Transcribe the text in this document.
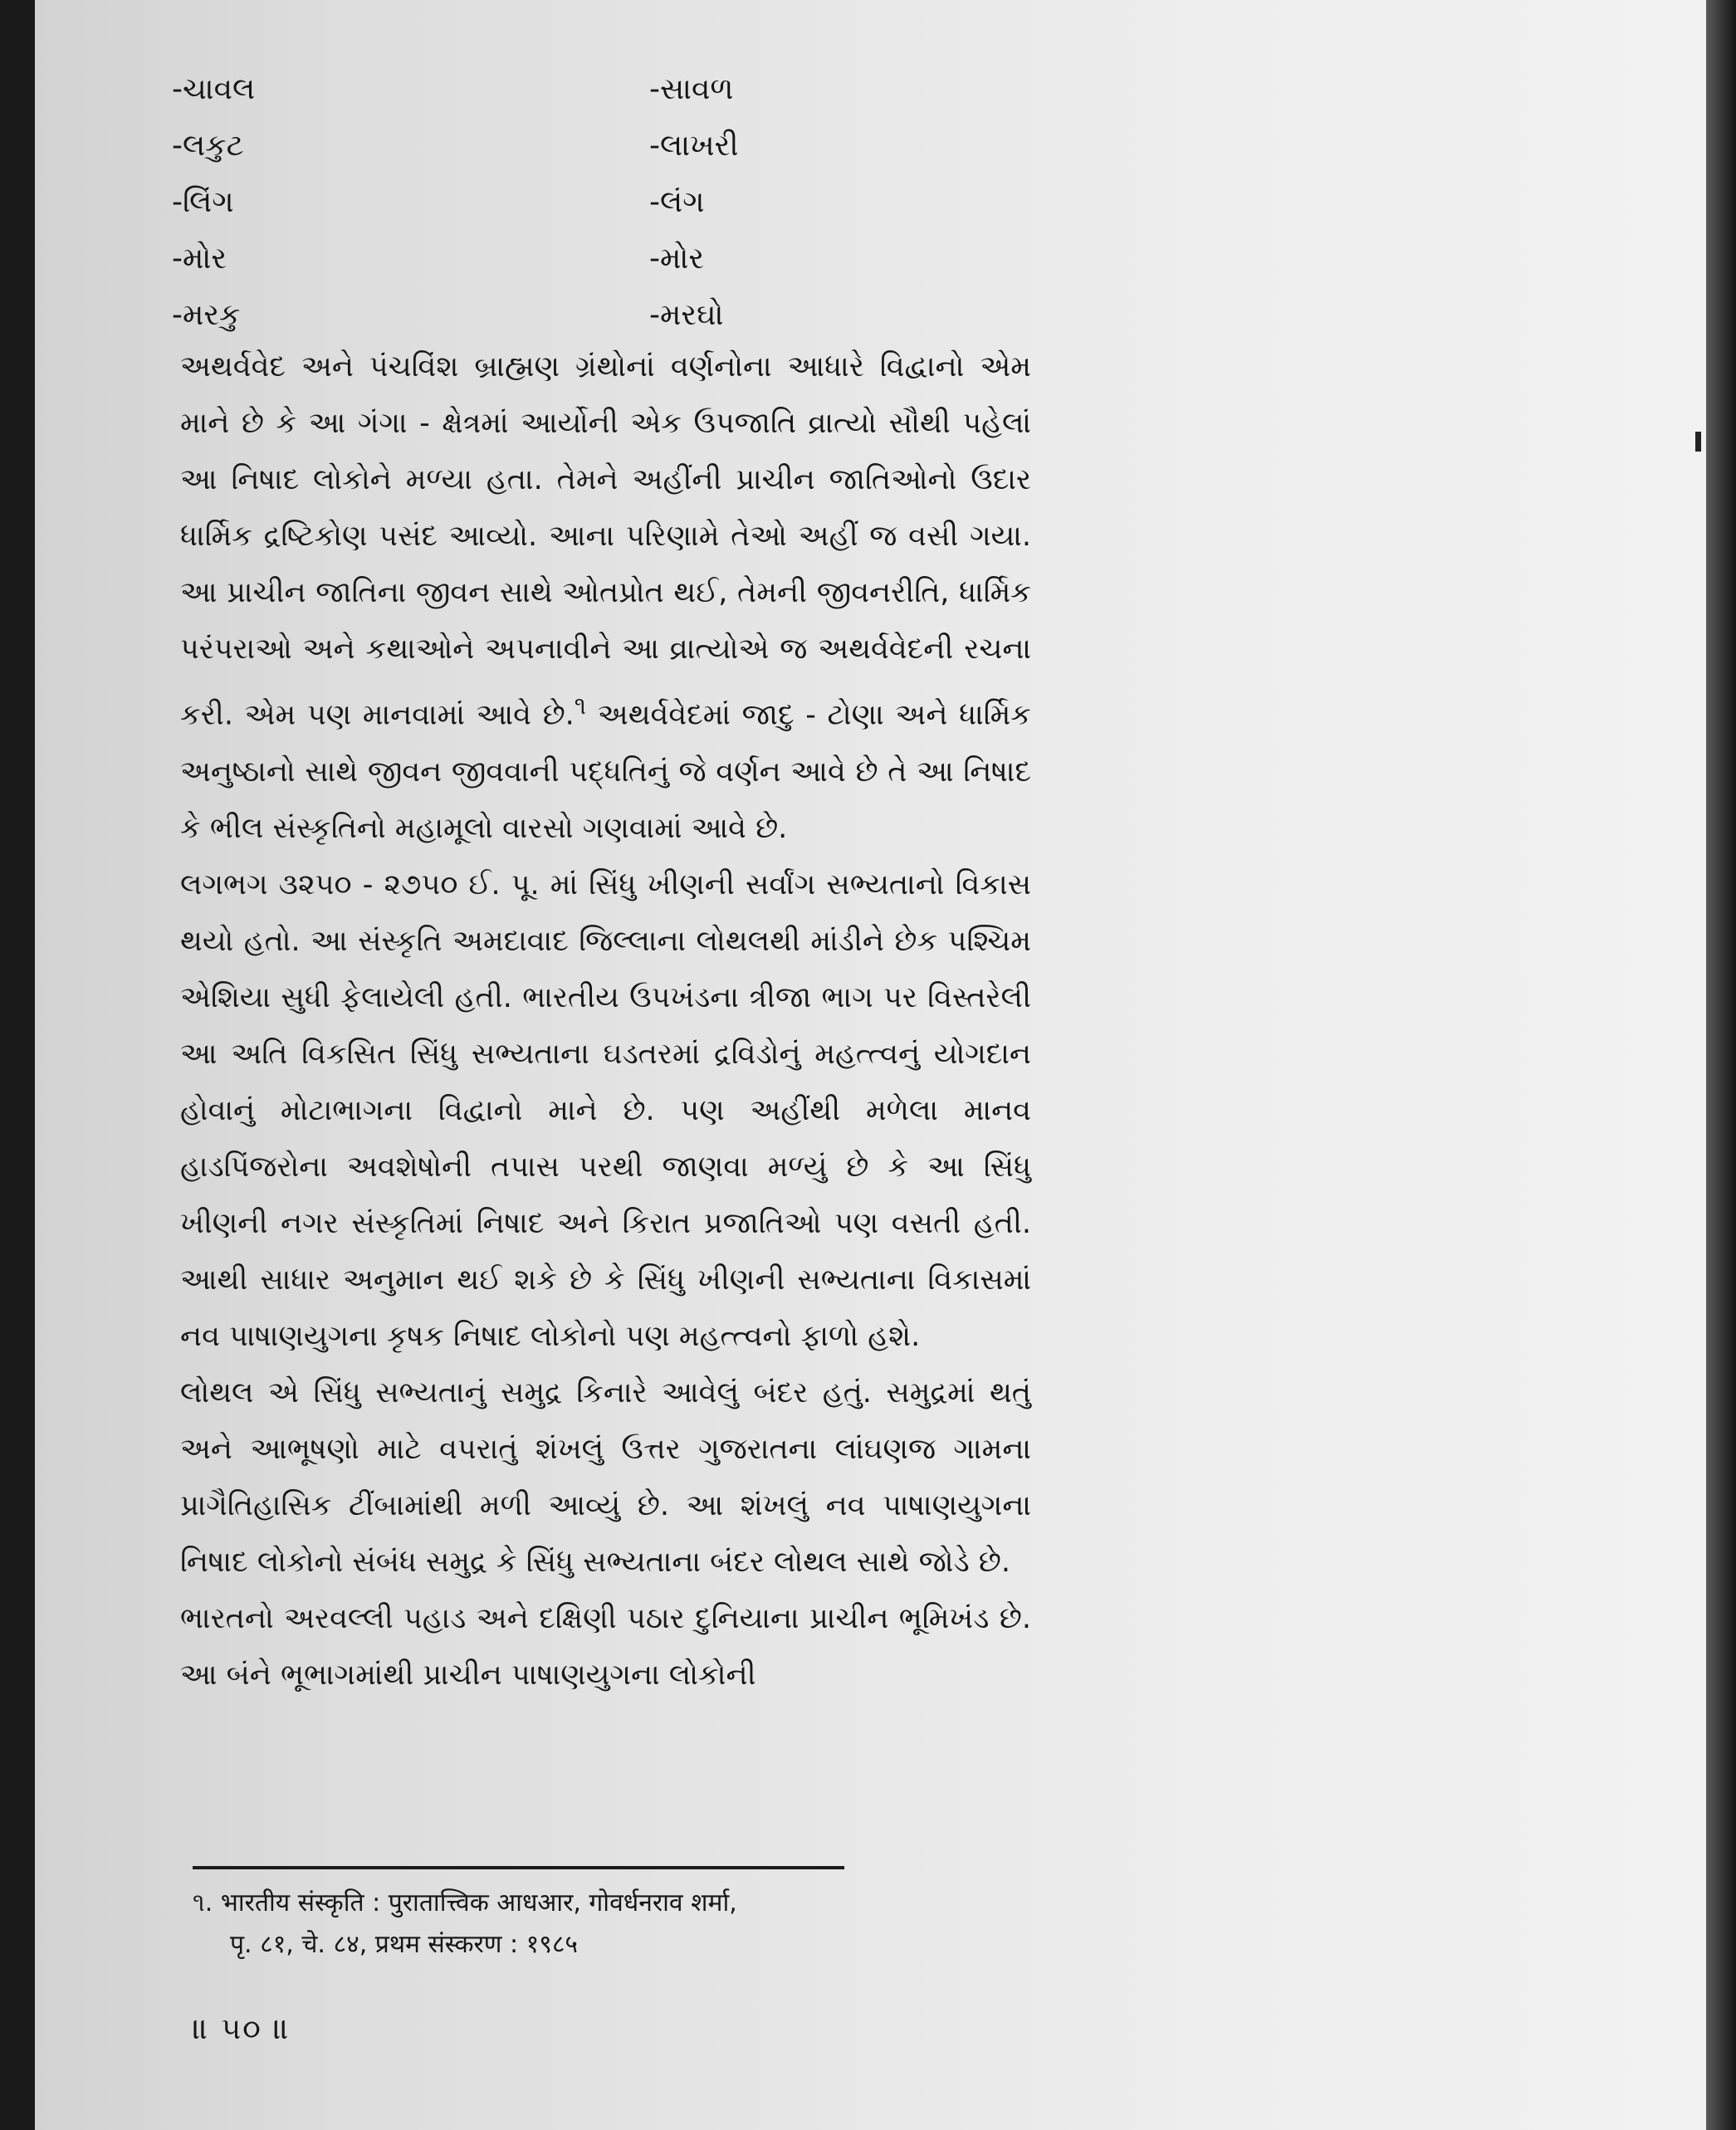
-ચાવલ	-સાવળ
-લકુટ	-લાખરી
-લિંગ	-લંગ
-મોર	-મોર
-મરકુ	-મરઘો

અથર્વવેદ અને પંચવિંશ બ્રાહ્મણ ગ્રંથોનાં વર્ણનોના આધારે વિદ્વાનો એમ માને છે કે આ ગંગા - ક્ષેત્રમાં આર્યોની એક ઉપજાતિ વ્રાત્યો સૌથી પહેલાં આ નિષાદ લોકોને મળ્યા હતા. તેમને અહીંની પ્રાચીન જાતિઓનો ઉદાર ધાર્મિક દ્રષ્ટિકોણ પસંદ આવ્યો. આના પરિણામે તેઓ અહીં જ વસી ગયા. આ પ્રાચીન જાતિના જીવન સાથે ઓતપ્રોત થઈ, તેમની જીવનરીતિ, ધાર્મિક પરંપરાઓ અને કથાઓને અપનાવીને આ વ્રાત્યોએ જ અથર્વવેદની રચના કરી. એમ પણ માનવામાં આવે છે.$^૧$ અથર્વવેદમાં જાદુ - ટોણા અને ધાર્મિક અનુષ્ઠાનો સાથે જીવન જીવવાની પદ્ધતિનું જે વર્ણન આવે છે તે આ નિષાદ કે ભીલ સંસ્કૃતિનો મહામૂલો વારસો ગણવામાં આવે છે.

લગભગ ૩૨૫૦ - ૨૭૫૦ ઈ. પૂ. માં સિંધુ ખીણની સર્વાંગ સભ્યતાનો વિકાસ થયો હતો. આ સંસ્કૃતિ અમદાવાદ જિલ્લાના લોથલથી માંડીને છેક પશ્ચિમ એશિયા સુધી ફેલાયેલી હતી. ભારતીય ઉપખંડના ત્રીજા ભાગ પર વિસ્તરેલી આ અતિ વિકસિત સિંધુ સભ્યતાના ઘડતરમાં દ્રવિડોનું મહત્ત્વનું યોગદાન હોવાનું મોટાભાગના વિદ્વાનો માને છે. પણ અહીંથી મળેલા માનવ હાડપિંજરોના અવશેષોની તપાસ પરથી જાણવા મળ્યું છે કે આ સિંધુ ખીણની નગર સંસ્કૃતિમાં નિષાદ અને કિરાત પ્રજાતિઓ પણ વસતી હતી. આથી સાધાર અનુમાન થઈ શકે છે કે સિંધુ ખીણની સભ્યતાના વિકાસમાં નવ પાષાણયુગના કૃષક નિષાદ લોકોનો પણ મહત્ત્વનો ફાળો હશે.

લોથલ એ સિંધુ સભ્યતાનું સમુદ્ર કિનારે આવેલું બંદર હતું. સમુદ્રમાં થતું અને આભૂષણો માટે વપરાતું શંખલું ઉત્તર ગુજરાતના લાંઘણજ ગામના પ્રાગૈતિહાસિક ટીંબામાંથી મળી આવ્યું છે. આ શંખલું નવ પાષાણયુગના નિષાદ લોકોનો સંબંધ સમુદ્ર કે સિંધુ સભ્યતાના બંદર લોથલ સાથે જોડે છે.

ભારતનો અરવલ્લી પહાડ અને દક્ષિણી પઠાર દુનિયાના પ્રાચીન ભૂમિખંડ છે. આ બંને ભૂભાગમાંથી પ્રાચીન પાષાણયુગના લોકોની

૧. भारतीय संस्कृति : पुरातात्त्विक आधआर, गोवर्धनराव शर्मा,
पृ. ८१, चे. ८४, प्रथम संस्करण : १९८५
॥ ૫૦ ॥
